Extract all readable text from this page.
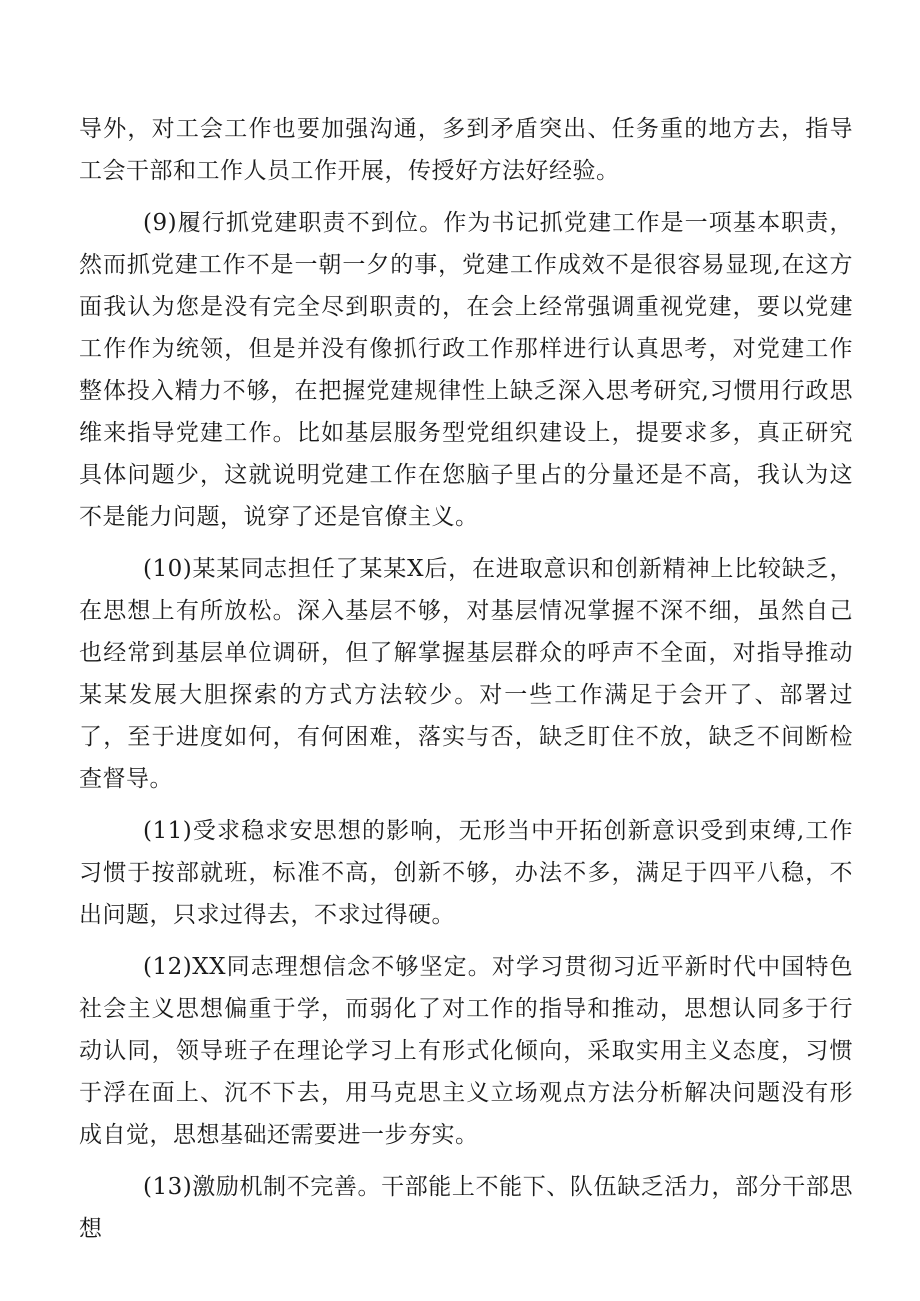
导外，对工会工作也要加强沟通，多到矛盾突出、任务重的地方去，指导工会干部和工作人员工作开展，传授好方法好经验。

(9)履行抓党建职责不到位。作为书记抓党建工作是一项基本职责，然而抓党建工作不是一朝一夕的事，党建工作成效不是很容易显现,在这方面我认为您是没有完全尽到职责的，在会上经常强调重视党建，要以党建工作作为统领，但是并没有像抓行政工作那样进行认真思考，对党建工作整体投入精力不够，在把握党建规律性上缺乏深入思考研究,习惯用行政思维来指导党建工作。比如基层服务型党组织建设上，提要求多，真正研究具体问题少，这就说明党建工作在您脑子里占的分量还是不高，我认为这不是能力问题，说穿了还是官僚主义。

(10)某某同志担任了某某X后，在进取意识和创新精神上比较缺乏，在思想上有所放松。深入基层不够，对基层情况掌握不深不细，虽然自己也经常到基层单位调研，但了解掌握基层群众的呼声不全面，对指导推动某某发展大胆探索的方式方法较少。对一些工作满足于会开了、部署过了，至于进度如何，有何困难，落实与否，缺乏盯住不放，缺乏不间断检查督导。

(11)受求稳求安思想的影响，无形当中开拓创新意识受到束缚,工作习惯于按部就班，标准不高，创新不够，办法不多，满足于四平八稳，不出问题，只求过得去，不求过得硬。

(12)XX同志理想信念不够坚定。对学习贯彻习近平新时代中国特色社会主义思想偏重于学，而弱化了对工作的指导和推动，思想认同多于行动认同，领导班子在理论学习上有形式化倾向，采取实用主义态度，习惯于浮在面上、沉不下去，用马克思主义立场观点方法分析解决问题没有形成自觉，思想基础还需要进一步夯实。

(13)激励机制不完善。干部能上不能下、队伍缺乏活力，部分干部思想
